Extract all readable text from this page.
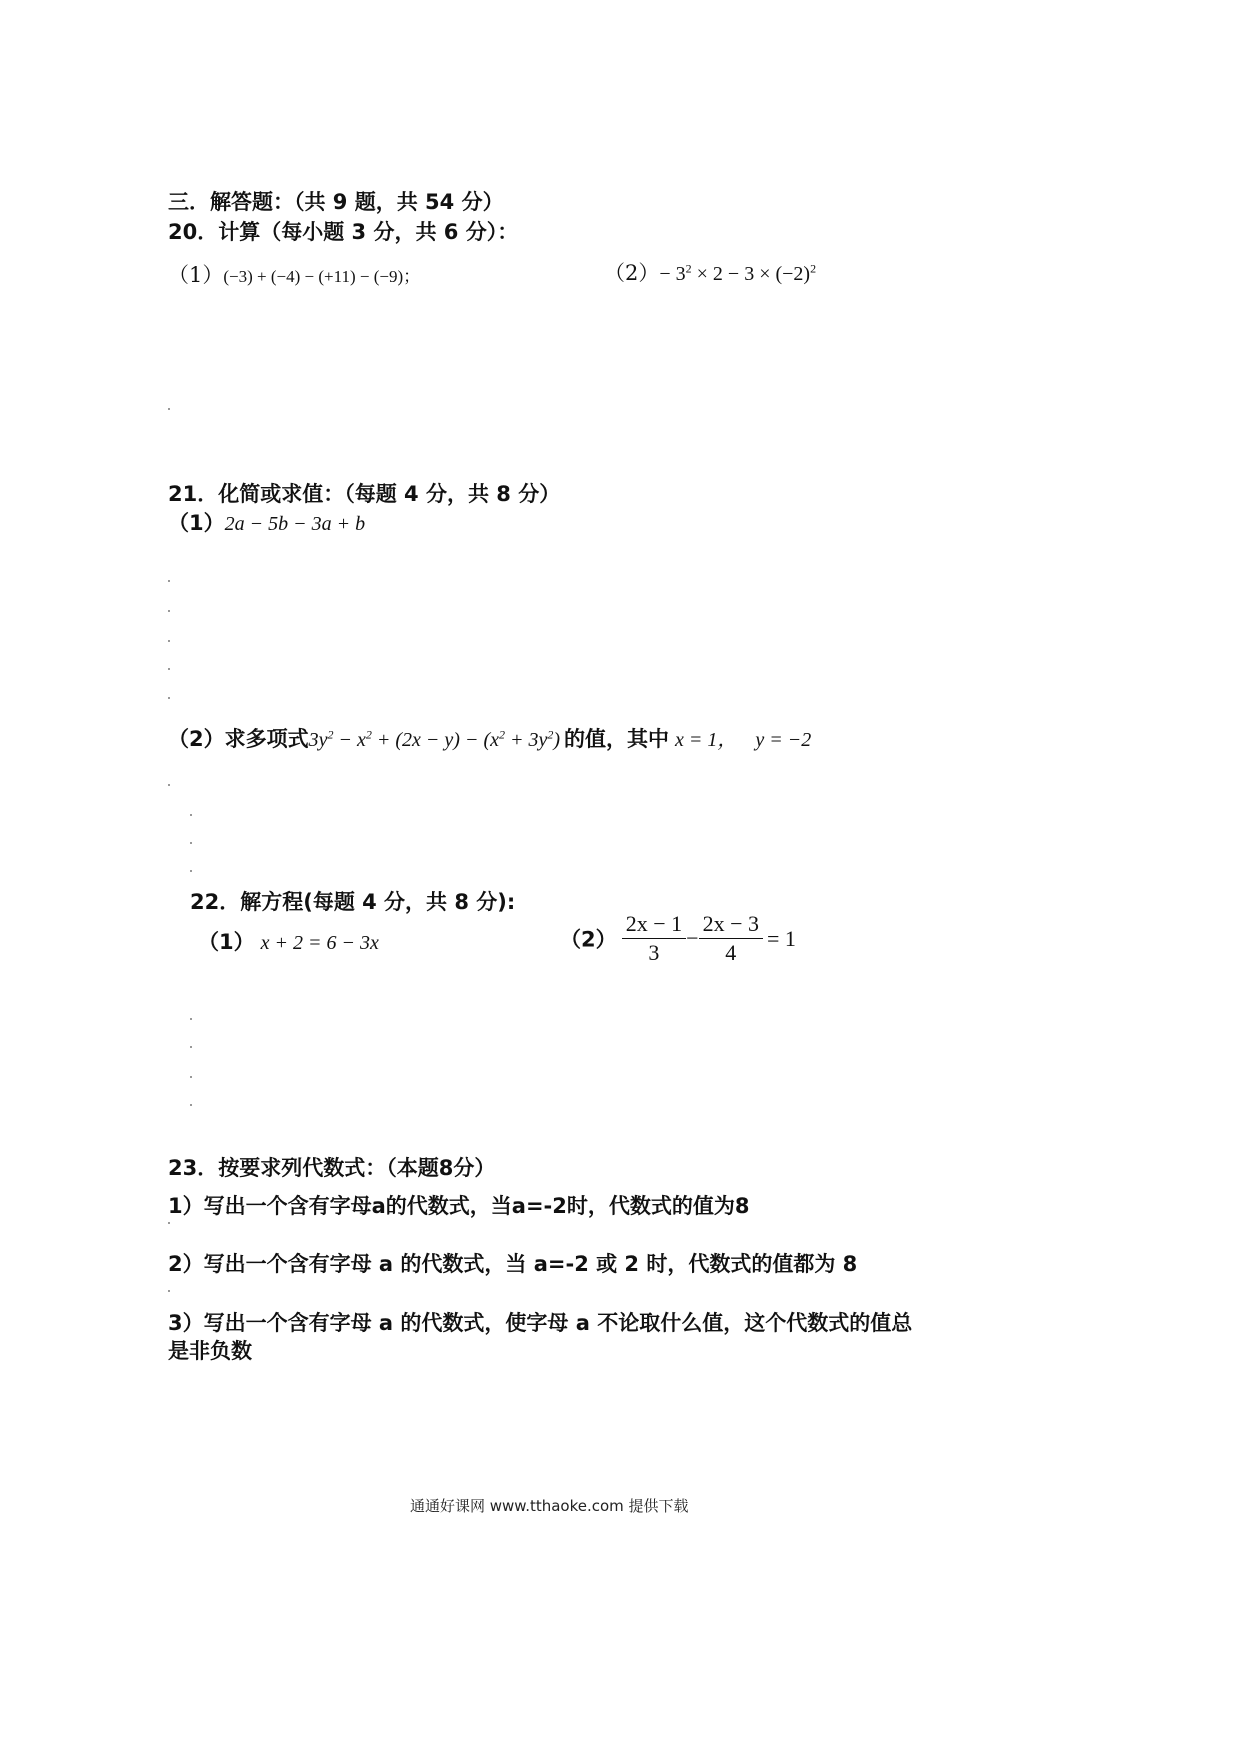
三．解答题：（共 9 题，共 54 分）
20．计算（每小题 3 分，共 6 分）：
（1）(−3) + (−4) − (+11) − (−9)；	$(2)- 3^2 \times 2 - 3 \times (-2)^2$
21．化简或求值：（每题 4 分，共 8 分）
（1）2a − 5b − 3a + b
（2）求多项式$3y^2 - x^2 + (2x - y) - (x^2 + 3y^2)$ 的值，其中 x = 1， y = −2
22．解方程(每题 4 分，共 8 分):
（1） x + 2 = 6 − 3x	$(2) \frac{2x - 1}{3} - \frac{2x - 3}{4} = 1$
23．按要求列代数式：（本题8分）
1）写出一个含有字母a的代数式，当a=-2时，代数式的值为8
2）写出一个含有字母 a 的代数式，当 a=-2 或 2 时，代数式的值都为 8
3）写出一个含有字母 a 的代数式，使字母 a 不论取什么值，这个代数式的值总
是非负数
通通好课网 www.tthaoke.com 提供下载
